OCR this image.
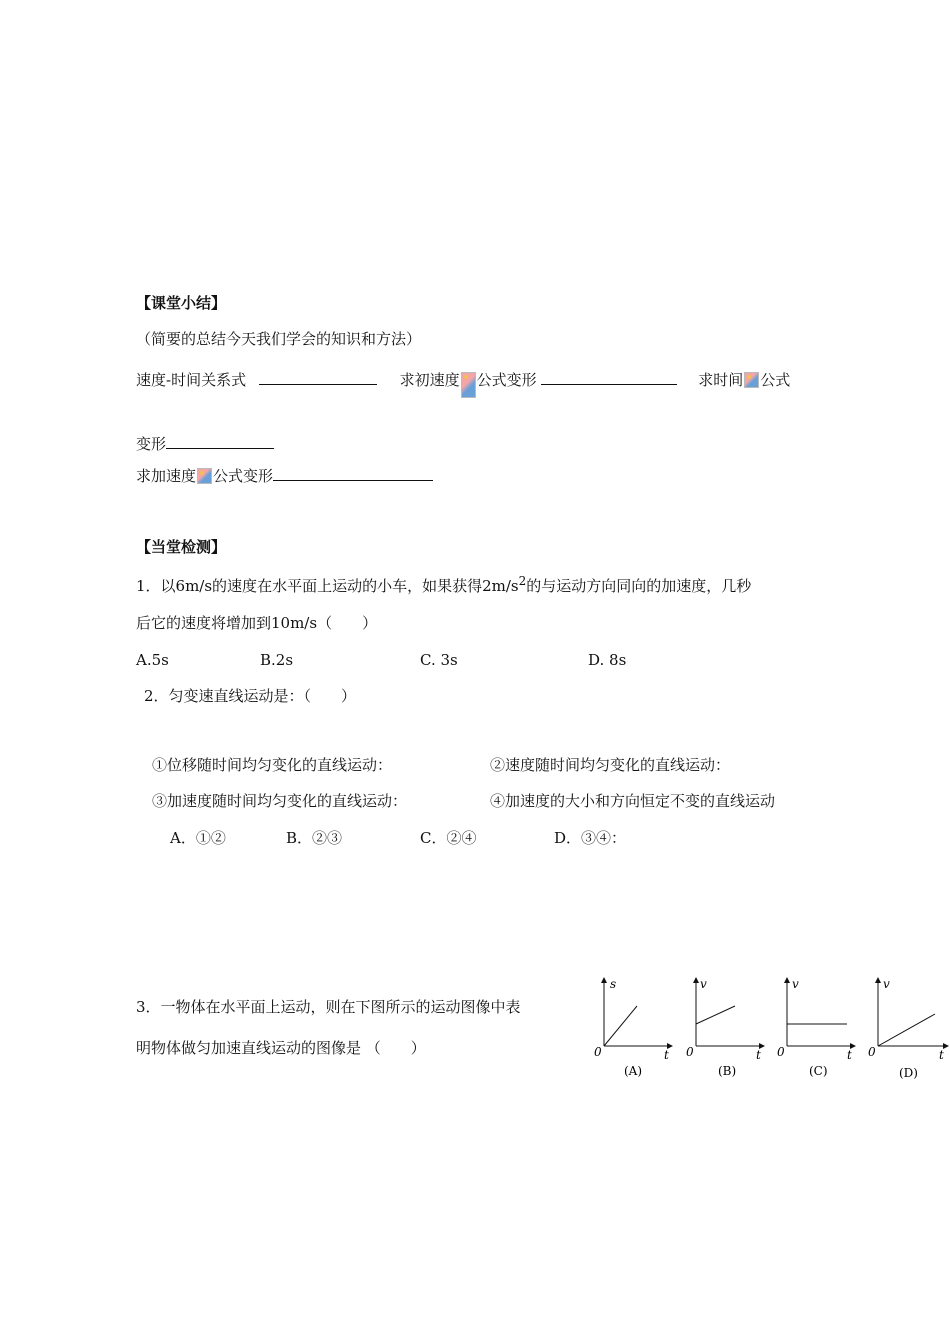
【课堂小结】
（简要的总结今天我们学会的知识和方法）
速度-时间关系式	求初速度 公式变形	求时间 公式
变形
求加速度 公式变形
【当堂检测】
1．以6m/s的速度在水平面上运动的小车，如果获得$2m/s^2$的与运动方向同向的加速度，几秒
后它的速度将增加到10m/s（　　）
A.5s	B.2s	C. 3s	D. 8s
2．匀变速直线运动是：（　　）
①位移随时间均匀变化的直线运动：	②速度随时间均匀变化的直线运动：
③加速度随时间均匀变化的直线运动：	④加速度的大小和方向恒定不变的直线运动
A．①②	B．②③	C．②④	D．③④：
3．一物体在水平面上运动，则在下图所示的运动图像中表
明物体做匀加速直线运动的图像是 （　　）
s
0	t
(A)
v
0	t
(B)
v
0	t
(C)
v
0	t
(D)
